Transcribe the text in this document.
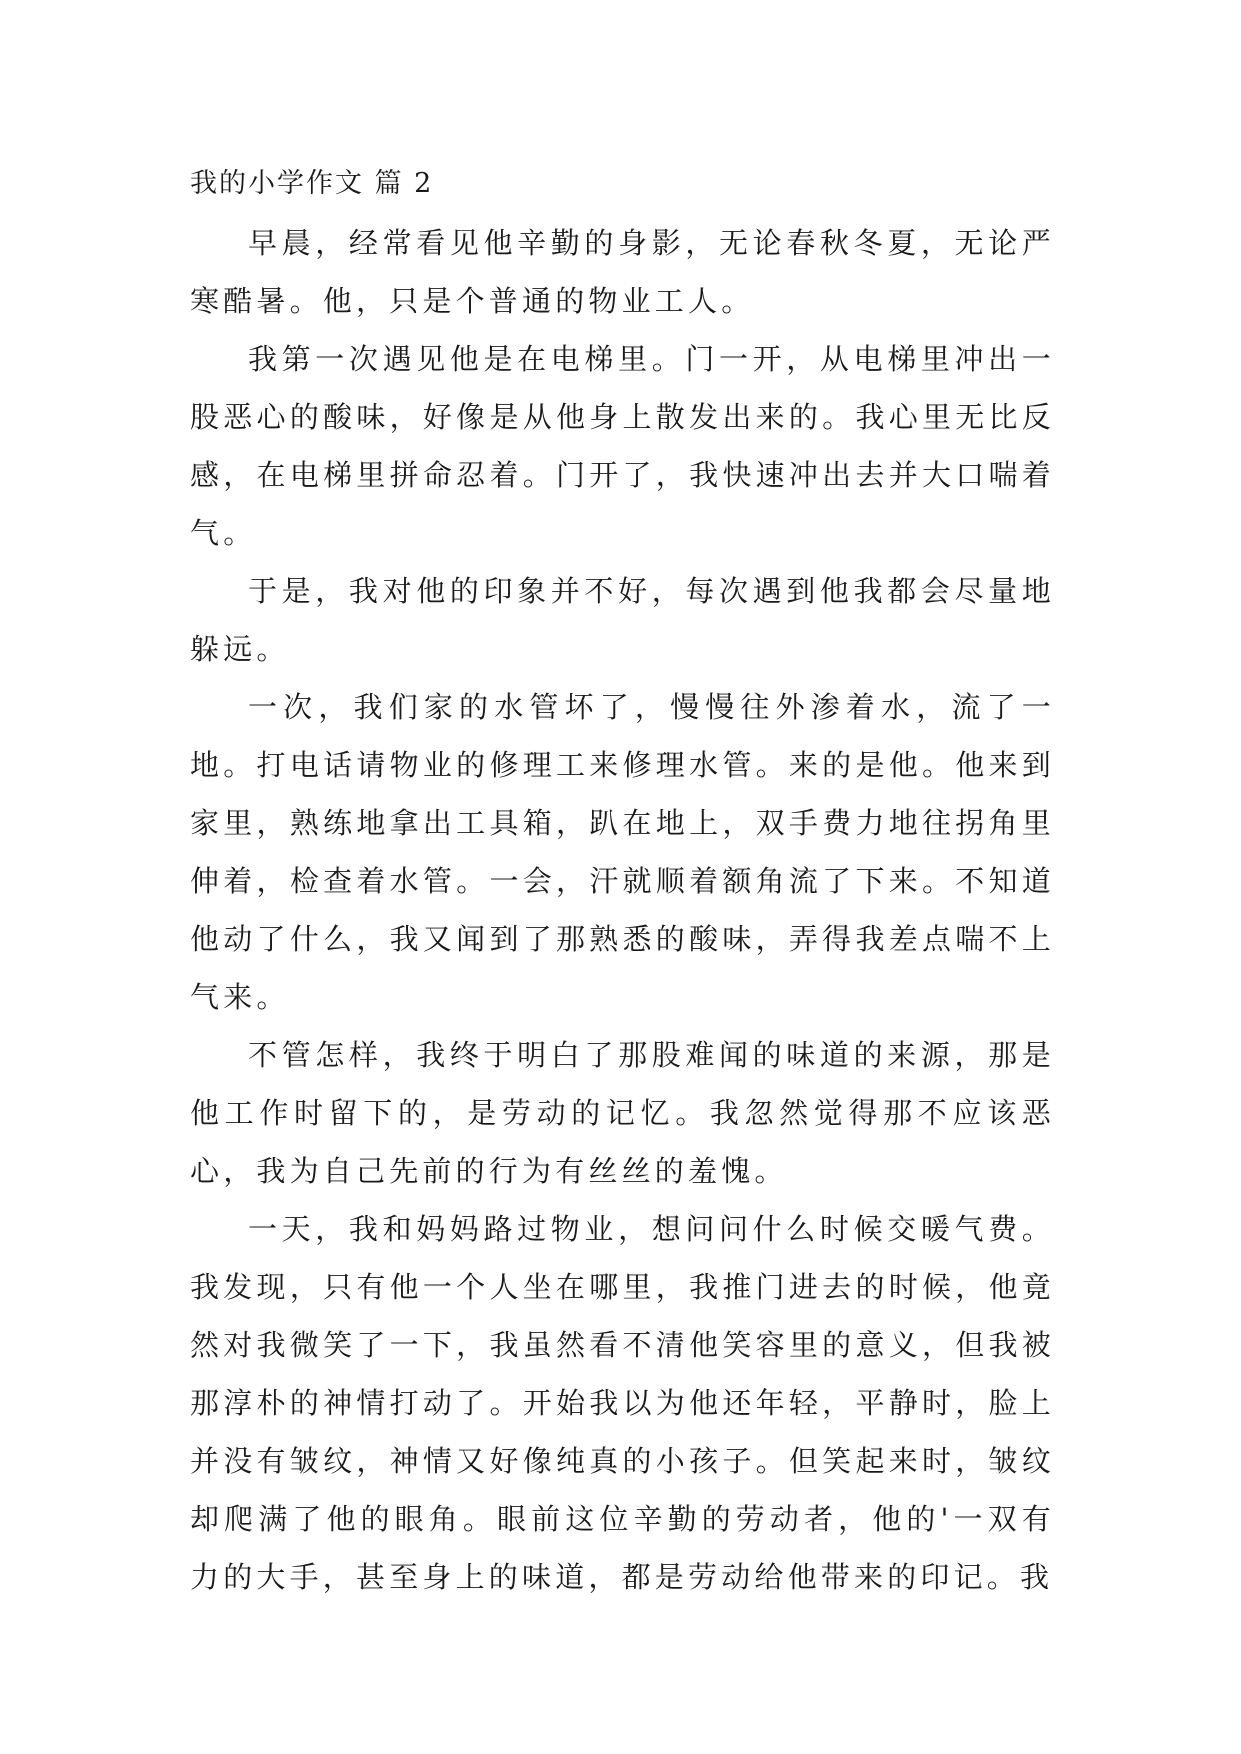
我的小学作文 篇 2

早晨，经常看见他辛勤的身影，无论春秋冬夏，无论严寒酷暑。他，只是个普通的物业工人。

我第一次遇见他是在电梯里。门一开，从电梯里冲出一股恶心的酸味，好像是从他身上散发出来的。我心里无比反感，在电梯里拼命忍着。门开了，我快速冲出去并大口喘着气。

于是，我对他的印象并不好，每次遇到他我都会尽量地躲远。

一次，我们家的水管坏了，慢慢往外渗着水，流了一地。打电话请物业的修理工来修理水管。来的是他。他来到家里，熟练地拿出工具箱，趴在地上，双手费力地往拐角里伸着，检查着水管。一会，汗就顺着额角流了下来。不知道他动了什么，我又闻到了那熟悉的酸味，弄得我差点喘不上气来。

不管怎样，我终于明白了那股难闻的味道的来源，那是他工作时留下的，是劳动的记忆。我忽然觉得那不应该恶心，我为自己先前的行为有丝丝的羞愧。

一天，我和妈妈路过物业，想问问什么时候交暖气费。我发现，只有他一个人坐在哪里，我推门进去的时候，他竟然对我微笑了一下，我虽然看不清他笑容里的意义，但我被那淳朴的神情打动了。开始我以为他还年轻，平静时，脸上并没有皱纹，神情又好像纯真的小孩子。但笑起来时，皱纹却爬满了他的眼角。眼前这位辛勤的劳动者，他的'一双有力的大手，甚至身上的味道，都是劳动给他带来的印记。我
